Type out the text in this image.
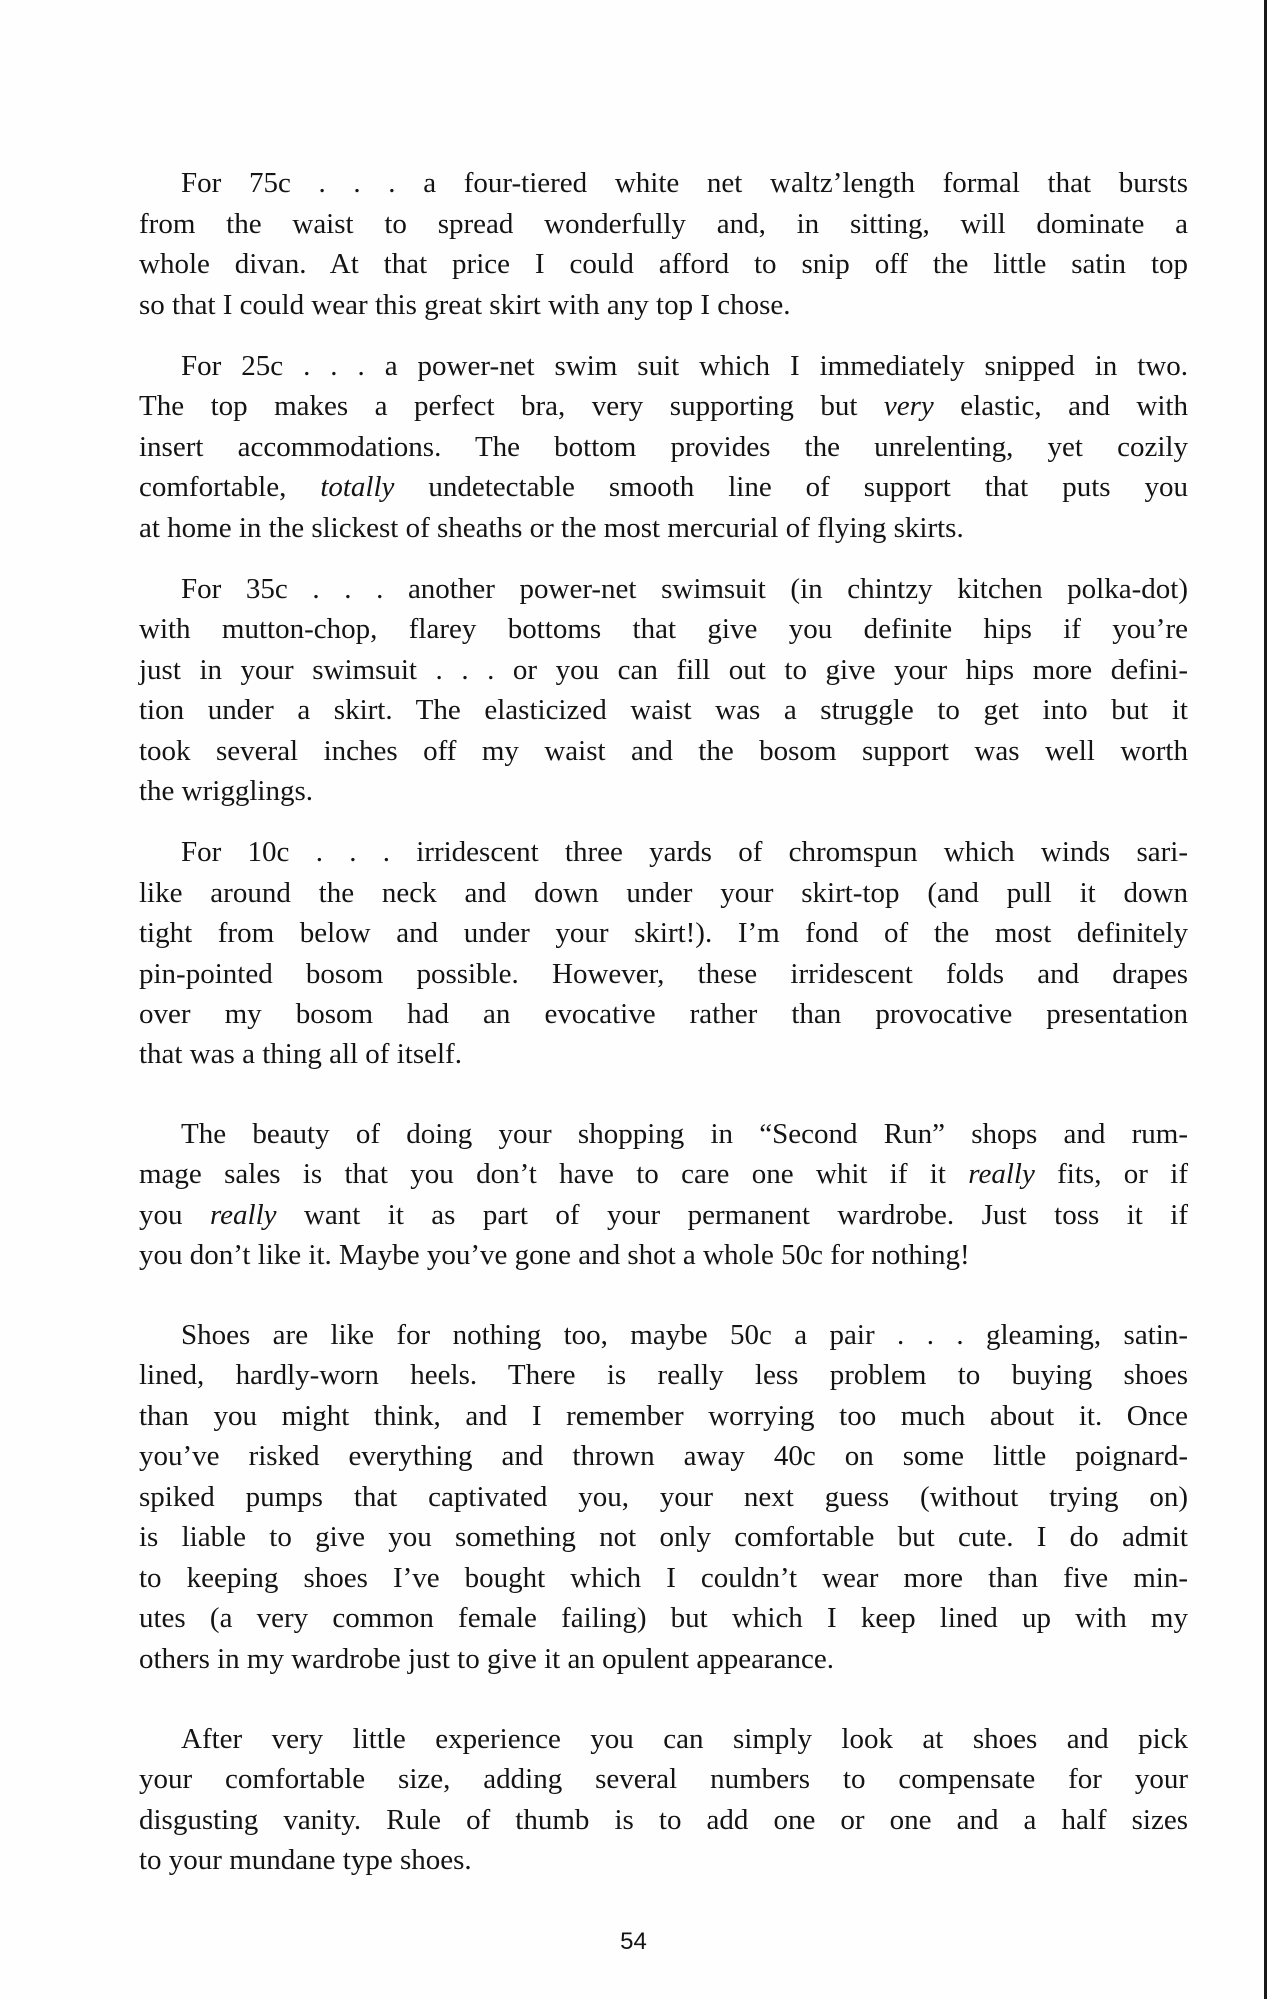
For 75c . . . a four-tiered white net waltz’length formal that bursts
from the waist to spread wonderfully and, in sitting, will dominate a
whole divan. At that price I could afford to snip off the little satin top
so that I could wear this great skirt with any top I chose.
For 25c . . . a power-net swim suit which I immediately snipped in two.
The top makes a perfect bra, very supporting but very elastic, and with
insert accommodations. The bottom provides the unrelenting, yet cozily
comfortable, totally undetectable smooth line of support that puts you
at home in the slickest of sheaths or the most mercurial of flying skirts.
For 35c . . . another power-net swimsuit (in chintzy kitchen polka-dot)
with mutton-chop, flarey bottoms that give you definite hips if you’re
just in your swimsuit . . . or you can fill out to give your hips more defini-
tion under a skirt. The elasticized waist was a struggle to get into but it
took several inches off my waist and the bosom support was well worth
the wrigglings.
For 10c . . . irridescent three yards of chromspun which winds sari-
like around the neck and down under your skirt-top (and pull it down
tight from below and under your skirt!). I’m fond of the most definitely
pin-pointed bosom possible. However, these irridescent folds and drapes
over my bosom had an evocative rather than provocative presentation
that was a thing all of itself.
The beauty of doing your shopping in “Second Run” shops and rum-
mage sales is that you don’t have to care one whit if it really fits, or if
you really want it as part of your permanent wardrobe. Just toss it if
you don’t like it. Maybe you’ve gone and shot a whole 50c for nothing!
Shoes are like for nothing too, maybe 50c a pair . . . gleaming, satin-
lined, hardly-worn heels. There is really less problem to buying shoes
than you might think, and I remember worrying too much about it. Once
you’ve risked everything and thrown away 40c on some little poignard-
spiked pumps that captivated you, your next guess (without trying on)
is liable to give you something not only comfortable but cute. I do admit
to keeping shoes I’ve bought which I couldn’t wear more than five min-
utes (a very common female failing) but which I keep lined up with my
others in my wardrobe just to give it an opulent appearance.
After very little experience you can simply look at shoes and pick
your comfortable size, adding several numbers to compensate for your
disgusting vanity. Rule of thumb is to add one or one and a half sizes
to your mundane type shoes.
54
